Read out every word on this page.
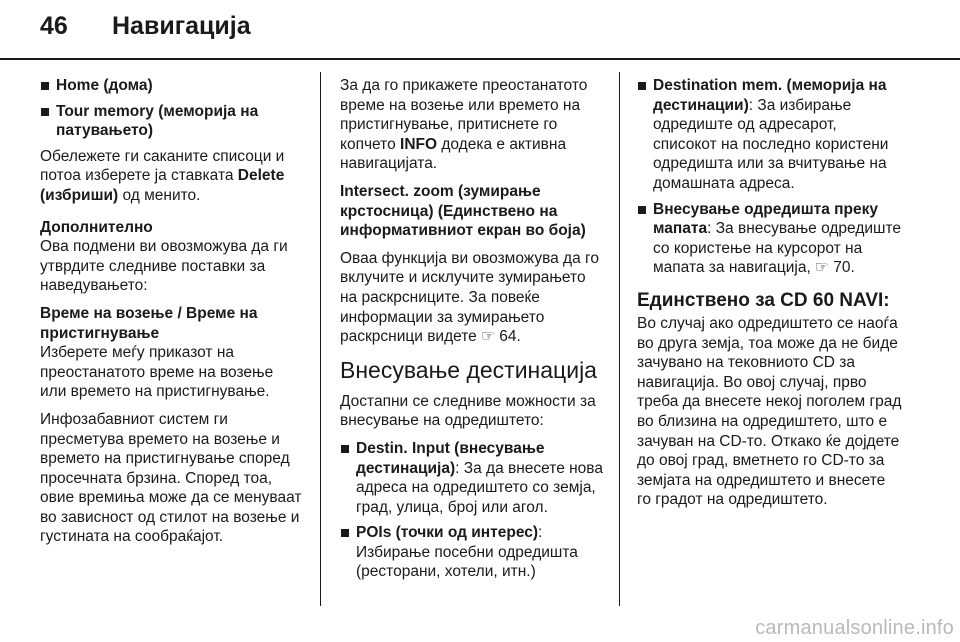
46	Навигација
Home (дома)
Tour memory (меморија на патувањето)

Обележете ги саканите списоци и потоа изберете ја ставката Delete (избриши) од менито.

Дополнително

Ова подмени ви овозможува да ги утврдите следниве поставки за наведувањето:

Време на возење / Време на пристигнување

Изберете меѓу приказот на преостанатото време на возење или времето на пристигнување.

Инфозабавниот систем ги пресметува времето на возење и времето на пристигнување според просечната брзина. Според тоа, овие времиња може да се менуваат во зависност од стилот на возење и густината на сообраќајот.

За да го прикажете преостанатото време на возење или времето на пристигнување, притиснете го копчето INFO додека е активна навигацијата.

Intersect. zoom (зумирање крстосница) (Единствено на информативниот екран во боја)

Оваа функција ви овозможува да го вклучите и исклучите зумирањето на раскрсниците. За повеќе информации за зумирањето раскрсници видете ☞ 64.

Внесување дестинација

Достапни се следниве можности за внесување на одредиштето:

Destin. Input (внесување дестинација): За да внесете нова адреса на одредиштето со земја, град, улица, број или агол.
POIs (точки од интерес): Избирање посебни одредишта (ресторани, хотели, итн.)
Destination mem. (меморија на дестинации): За избирање одредиште од адресарот, списокот на последно користени одредишта или за вчитување на домашната адреса.
Внесување одредишта преку мапата: За внесување одредиште со користење на курсорот на мапата за навигација, ☞ 70.
Единствено за CD 60 NAVI:

Во случај ако одредиштето се наоѓа во друга земја, тоа може да не биде зачувано на тековниото CD за навигација. Во овој случај, прво треба да внесете некој поголем град во близина на одредиштето, што е зачуван на CD-то. Откако ќе дојдете до овој град, вметнето го CD-то за земјата на одредиштето и внесете го градот на одредиштето.

carmanualsonline.info
